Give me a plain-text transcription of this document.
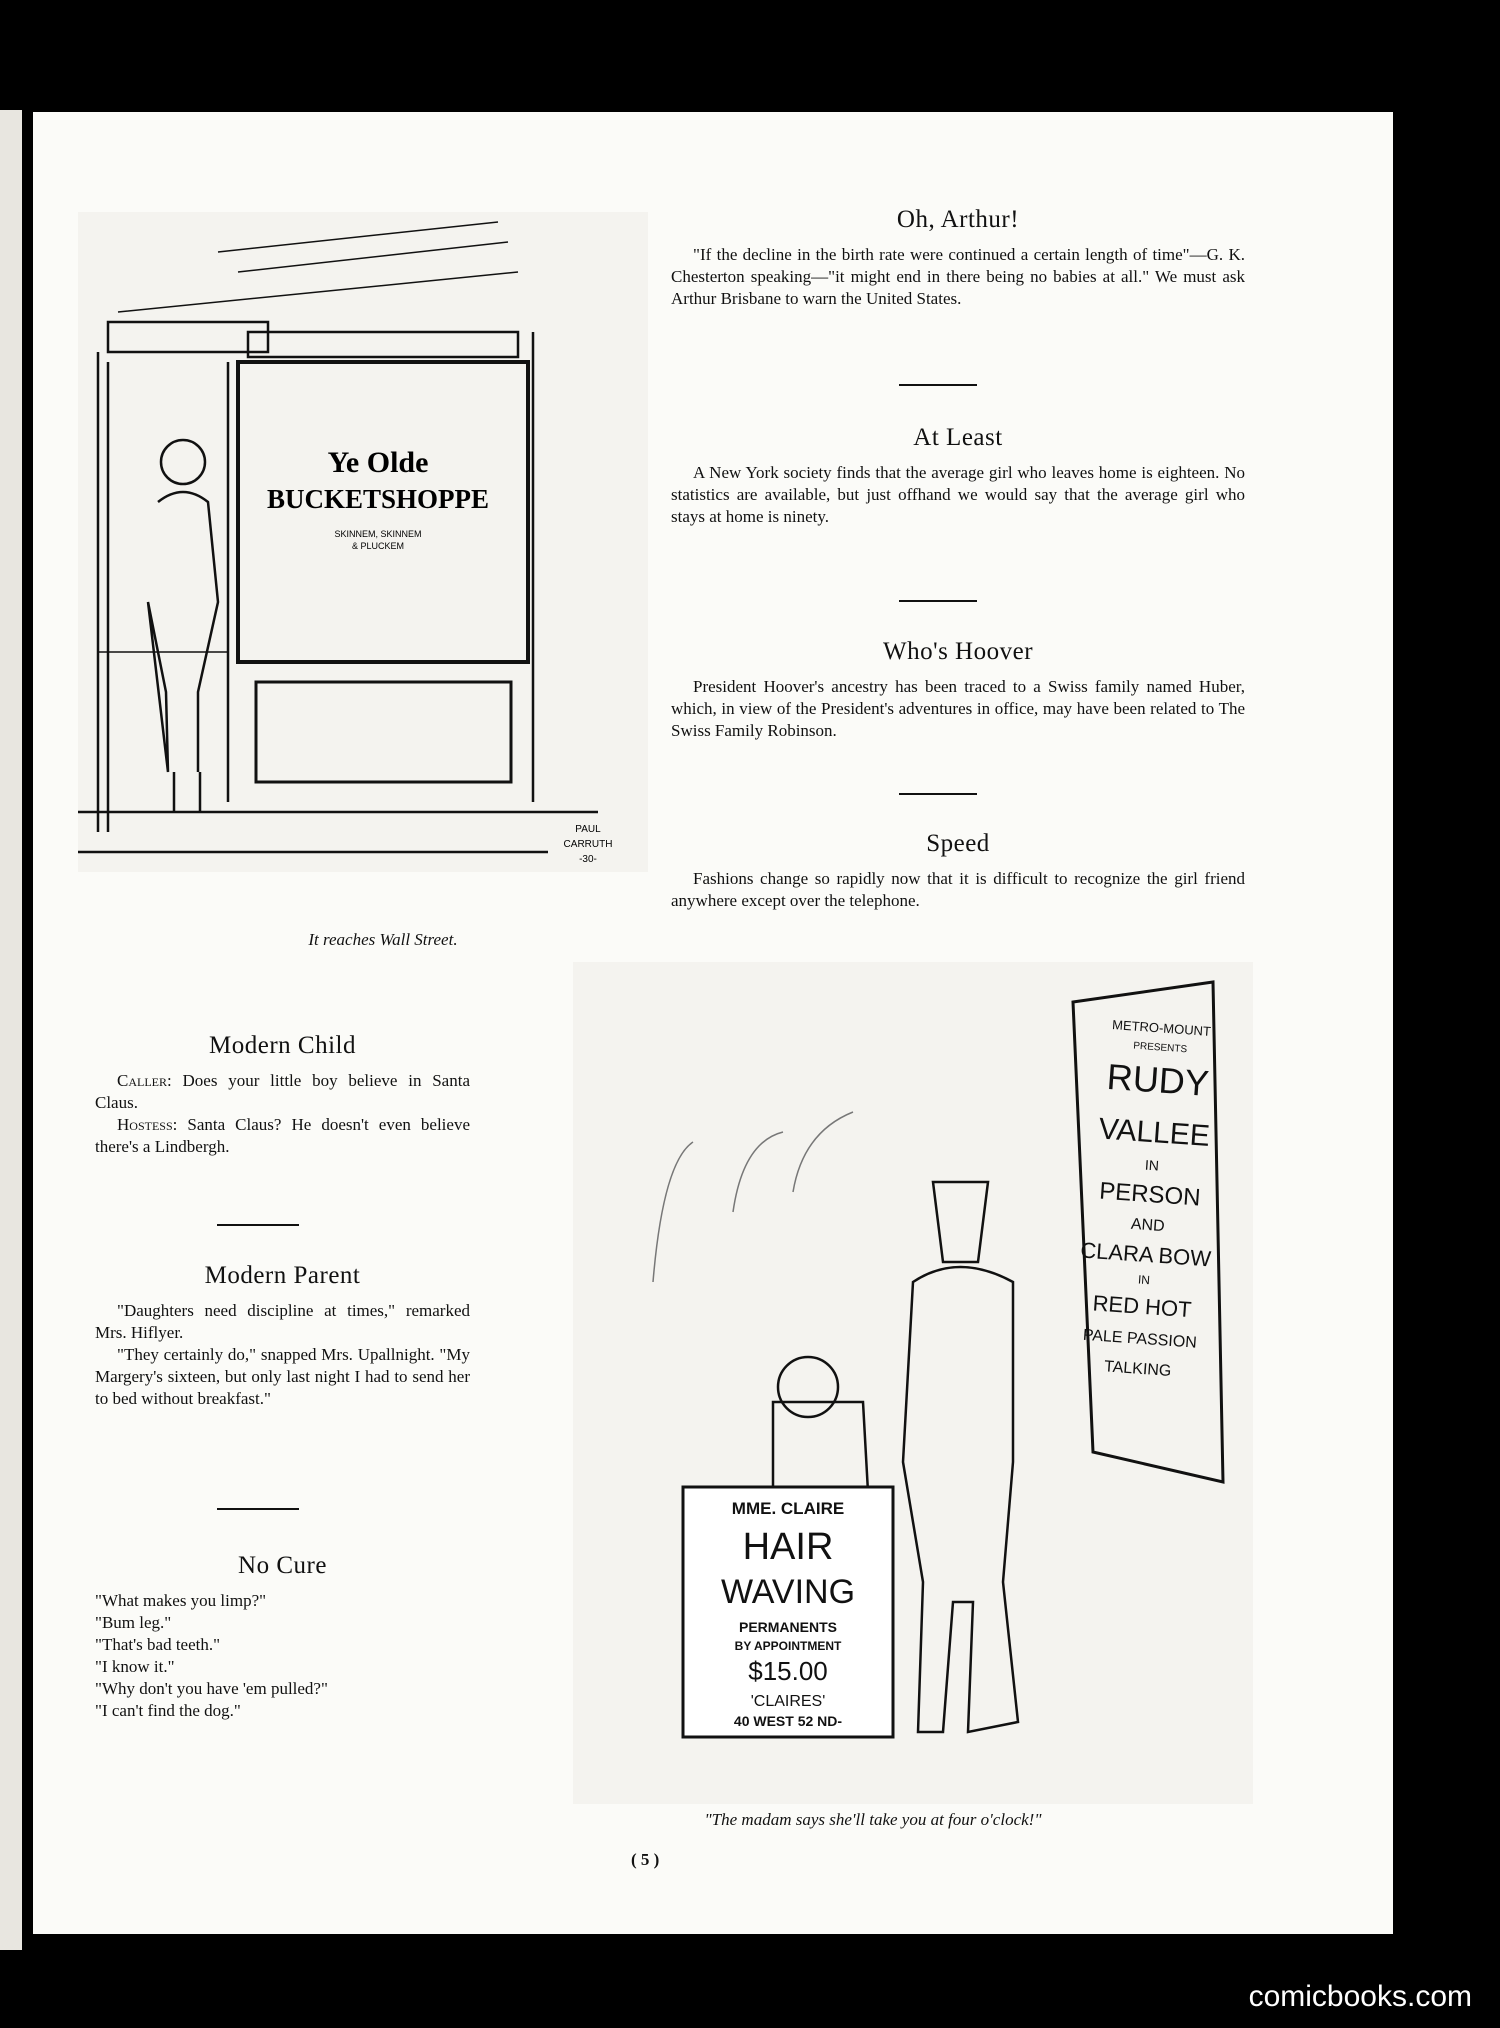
Ye Olde
BUCKETSHOPPE
SKINNEM, SKINNEM
& PLUCKEM
PAUL
CARRUTH
-30-
It reaches Wall Street.
Oh, Arthur!

"If the decline in the birth rate were continued a certain length of time"—G. K. Chesterton speaking—"it might end in there being no babies at all." We must ask Arthur Brisbane to warn the United States.

At Least

A New York society finds that the average girl who leaves home is eighteen. No statistics are available, but just offhand we would say that the average girl who stays at home is ninety.

Who's Hoover

President Hoover's ancestry has been traced to a Swiss family named Huber, which, in view of the President's adventures in office, may have been related to The Swiss Family Robinson.

Speed

Fashions change so rapidly now that it is difficult to recognize the girl friend anywhere except over the telephone.

Modern Child

Caller: Does your little boy believe in Santa Claus.

Hostess: Santa Claus? He doesn't even believe there's a Lindbergh.

Modern Parent

"Daughters need discipline at times," remarked Mrs. Hiflyer.

"They certainly do," snapped Mrs. Upallnight. "My Margery's sixteen, but only last night I had to send her to bed without breakfast."

No Cure

"What makes you limp?"

"Bum leg."

"That's bad teeth."

"I know it."

"Why don't you have 'em pulled?"

"I can't find the dog."

MME. CLAIRE
HAIR
WAVING
PERMANENTS
BY APPOINTMENT
$15.00
'CLAIRES'
40 WEST 52 ND-
METRO-MOUNT
PRESENTS
RUDY
VALLEE
IN
PERSON
AND
CLARA BOW
IN
RED HOT
PALE PASSION
TALKING
"The madam says she'll take you at four o'clock!"
( 5 )
comicbooks.com
